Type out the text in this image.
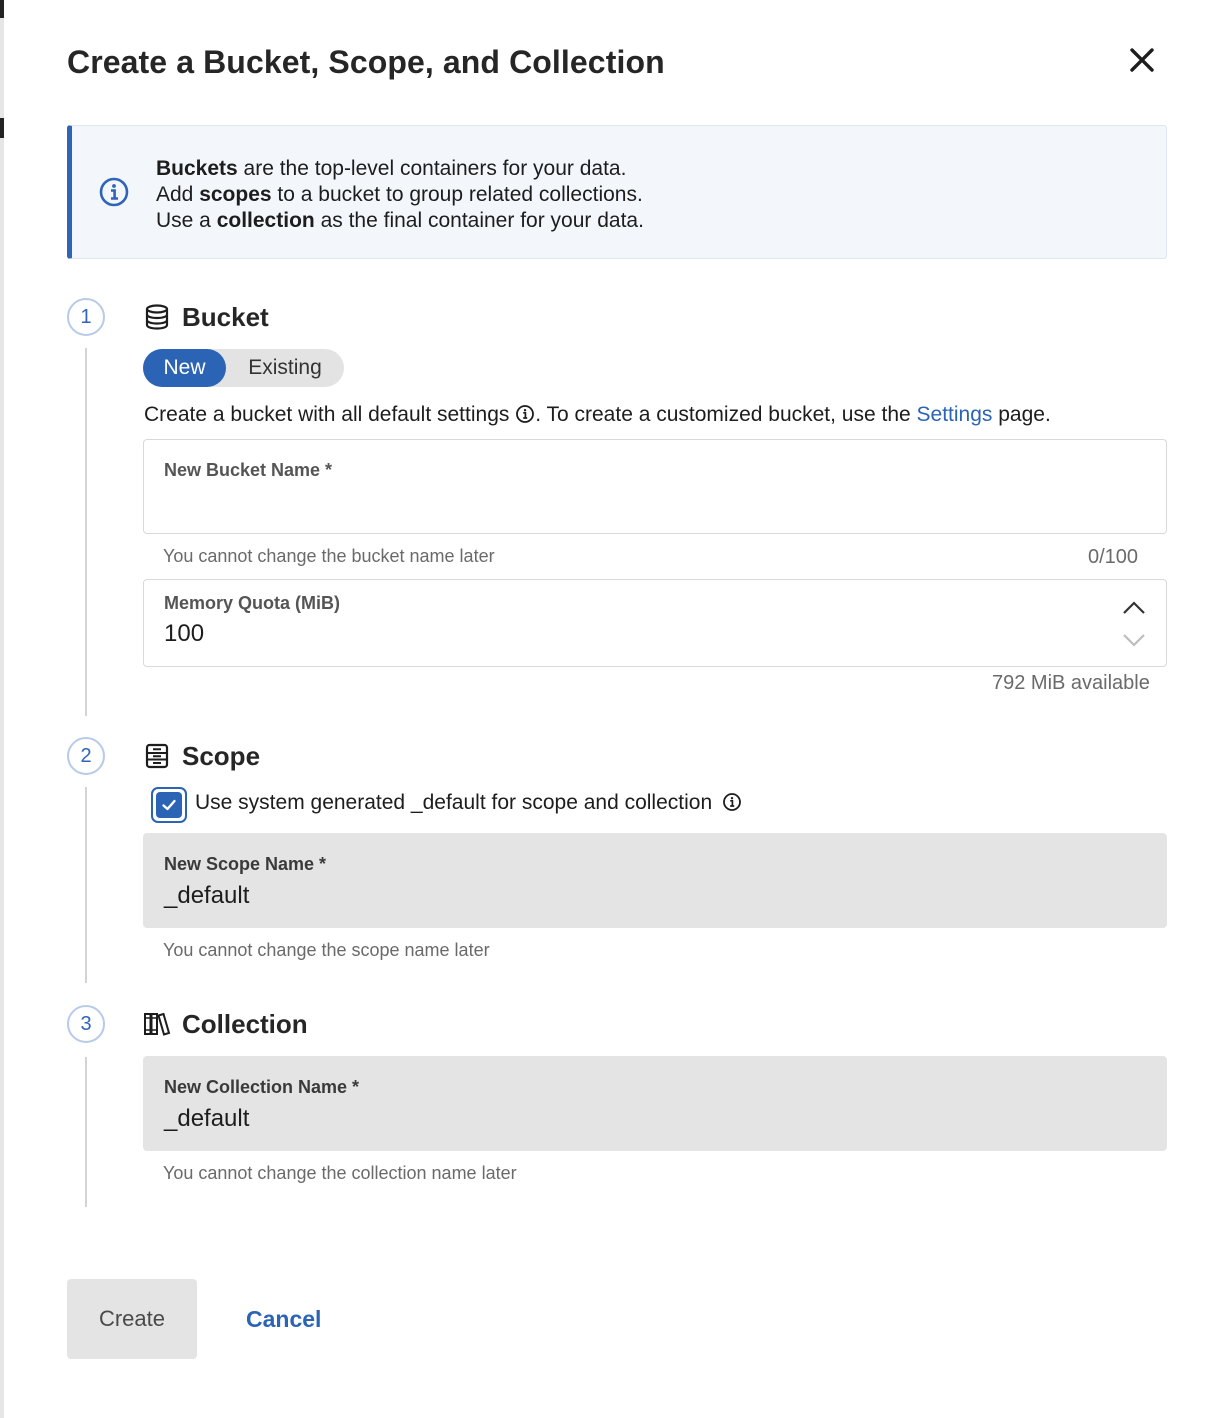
Create a Bucket, Scope, and Collection
Buckets are the top-level containers for your data.
Add scopes to a bucket to group related collections.
Use a collection as the final container for your data.
1	Bucket
New	Existing
Create a bucket with all default settings . To create a customized bucket, use the Settings page.
New Bucket Name *
You cannot change the bucket name later	0/100
Memory Quota (MiB)
100
792 MiB available
2	Scope
Use system generated _default for scope and collection
New Scope Name *
_default
You cannot change the scope name later
3	Collection
New Collection Name *
_default
You cannot change the collection name later
Create	Cancel
